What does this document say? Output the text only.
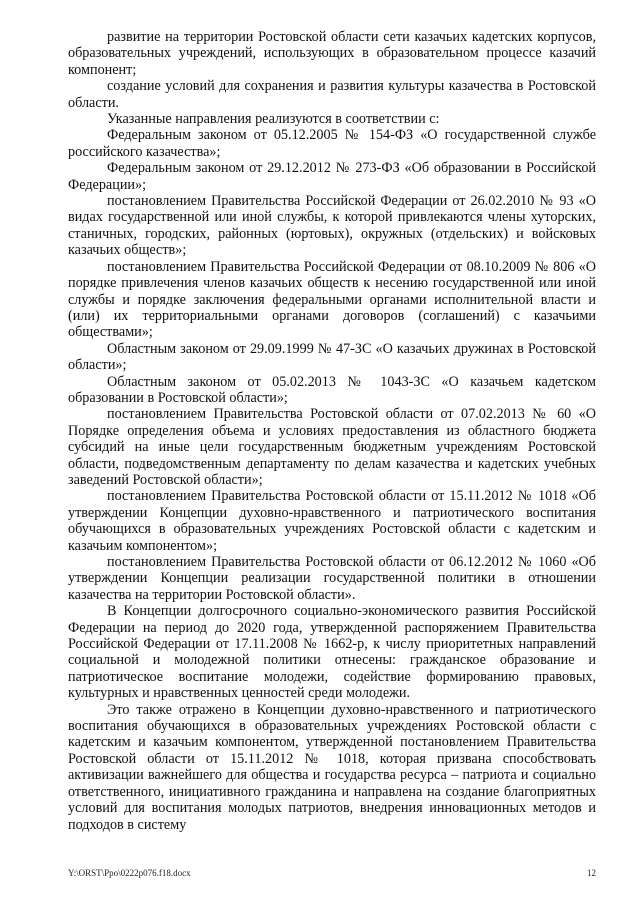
развитие на территории Ростовской области сети казачьих кадетских корпусов, образовательных учреждений, использующих в образовательном процессе казачий компонент;

создание условий для сохранения и развития культуры казачества в Ростовской области.

Указанные направления реализуются в соответствии с:

Федеральным законом от 05.12.2005 № 154-ФЗ «О государственной службе российского казачества»;

Федеральным законом от 29.12.2012 № 273-ФЗ «Об образовании в Российской Федерации»;

постановлением Правительства Российской Федерации от 26.02.2010 № 93 «О видах государственной или иной службы, к которой привлекаются члены хуторских, станичных, городских, районных (юртовых), окружных (отдельских) и войсковых казачьих обществ»;

постановлением Правительства Российской Федерации от 08.10.2009 № 806 «О порядке привлечения членов казачьих обществ к несению государственной или иной службы и порядке заключения федеральными органами исполнительной власти и (или) их территориальными органами договоров (соглашений) с казачьими обществами»;

Областным законом от 29.09.1999 № 47-ЗС «О казачьих дружинах в Ростовской области»;

Областным законом от 05.02.2013 № 1043-ЗС «О казачьем кадетском образовании в Ростовской области»;

постановлением Правительства Ростовской области от 07.02.2013 № 60 «О Порядке определения объема и условиях предоставления из областного бюджета субсидий на иные цели государственным бюджетным учреждениям Ростовской области, подведомственным департаменту по делам казачества и кадетских учебных заведений Ростовской области»;

постановлением Правительства Ростовской области от 15.11.2012 № 1018 «Об утверждении Концепции духовно-нравственного и патриотического воспитания обучающихся в образовательных учреждениях Ростовской области с кадетским и казачьим компонентом»;

постановлением Правительства Ростовской области от 06.12.2012 № 1060 «Об утверждении Концепции реализации государственной политики в отношении казачества на территории Ростовской области».

В Концепции долгосрочного социально-экономического развития Российской Федерации на период до 2020 года, утвержденной распоряжением Правительства Российской Федерации от 17.11.2008 № 1662-р, к числу приоритетных направлений социальной и молодежной политики отнесены: гражданское образование и патриотическое воспитание молодежи, содействие формированию правовых, культурных и нравственных ценностей среди молодежи.

Это также отражено в Концепции духовно-нравственного и патриотического воспитания обучающихся в образовательных учреждениях Ростовской области с кадетским и казачьим компонентом, утвержденной постановлением Правительства Ростовской области от 15.11.2012 № 1018, которая призвана способствовать активизации важнейшего для общества и государства ресурса – патриота и социально ответственного, инициативного гражданина и направлена на создание благоприятных условий для воспитания молодых патриотов, внедрения инновационных методов и подходов в систему

Y:\ORST\Ppo\0222p076.f18.docx	12
